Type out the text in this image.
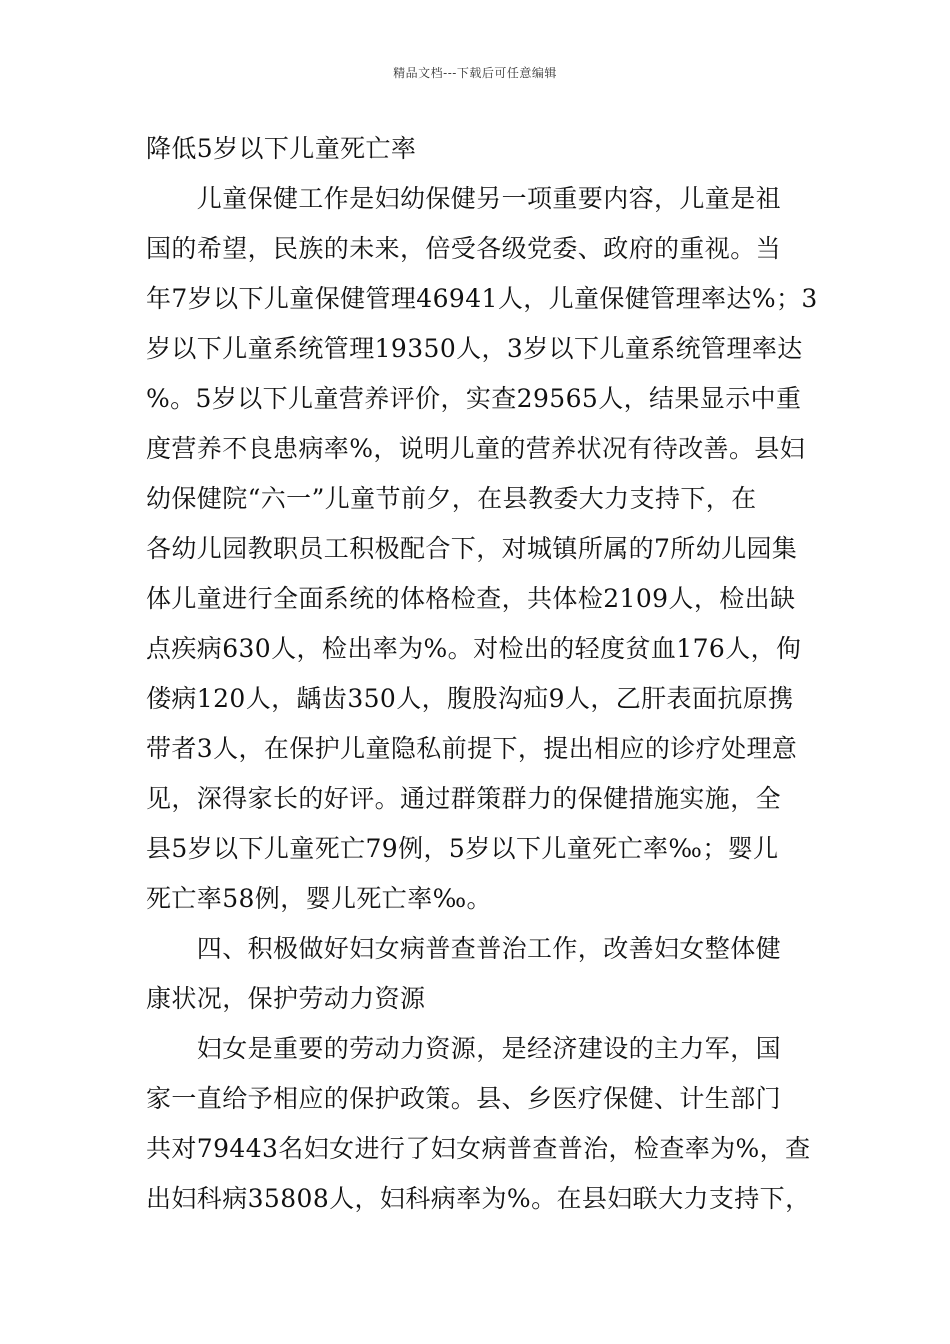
精品文档---下载后可任意编辑
降低5岁以下儿童死亡率
　　儿童保健工作是妇幼保健另一项重要内容，儿童是祖
国的希望，民族的未来，倍受各级党委、政府的重视。当
年7岁以下儿童保健管理46941人，儿童保健管理率达%；3
岁以下儿童系统管理19350人，3岁以下儿童系统管理率达
%。5岁以下儿童营养评价，实查29565人，结果显示中重
度营养不良患病率%，说明儿童的营养状况有待改善。县妇
幼保健院“六一”儿童节前夕，在县教委大力支持下，在
各幼儿园教职员工积极配合下，对城镇所属的7所幼儿园集
体儿童进行全面系统的体格检查，共体检2109人，检出缺
点疾病630人，检出率为%。对检出的轻度贫血176人，佝
偻病120人，龋齿350人，腹股沟疝9人，乙肝表面抗原携
带者3人，在保护儿童隐私前提下，提出相应的诊疗处理意
见，深得家长的好评。通过群策群力的保健措施实施，全
县5岁以下儿童死亡79例，5岁以下儿童死亡率‰；婴儿
死亡率58例，婴儿死亡率‰。
　　四、积极做好妇女病普查普治工作，改善妇女整体健
康状况，保护劳动力资源
　　妇女是重要的劳动力资源，是经济建设的主力军，国
家一直给予相应的保护政策。县、乡医疗保健、计生部门
共对79443名妇女进行了妇女病普查普治，检查率为%，查
出妇科病35808人，妇科病率为%。在县妇联大力支持下，
